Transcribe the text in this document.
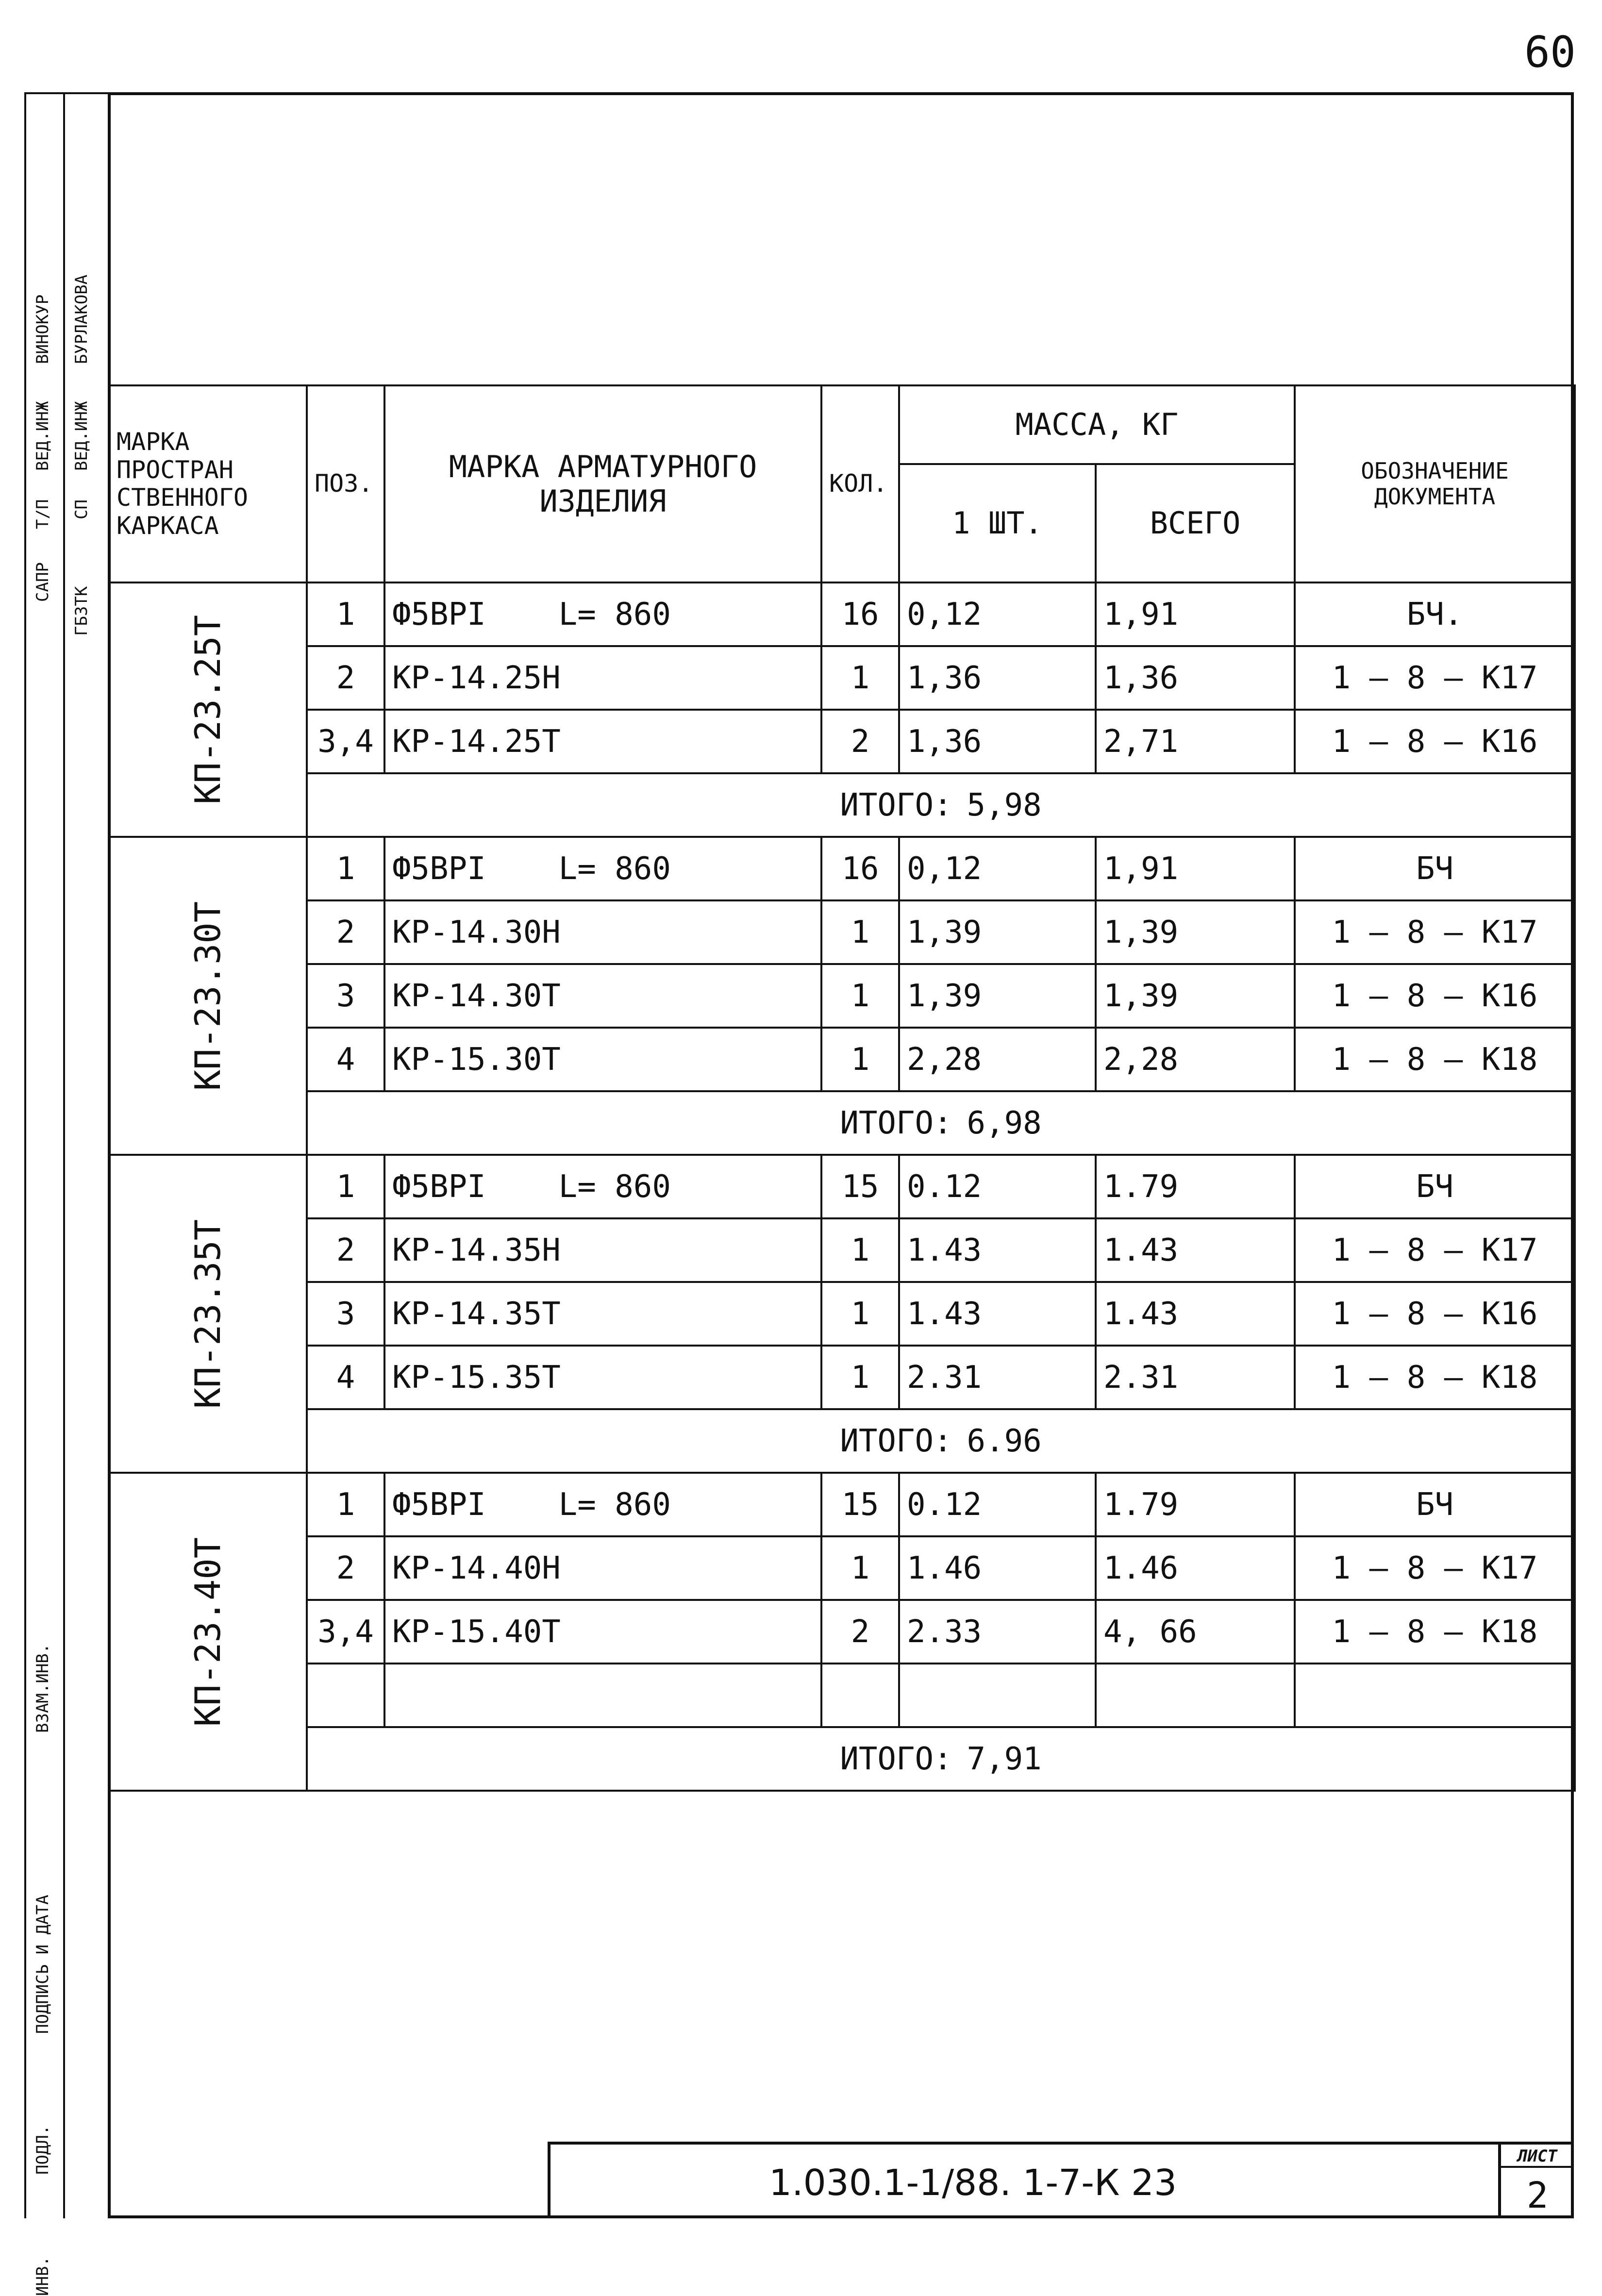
60
САПР
Т/П
ВЕД.ИНЖ
ВИНОКУР
ГБЗТК
СП
ВЕД.ИНЖ
БУРЛАКОВА
ВЗАМ.ИНВ.
ПОДПИСЬ И ДАТА
ПОДЛ.
ИНВ.
МАРКА ПРОСТРАН СТВЕННОГО КАРКАСА	ПОЗ.	МАРКА АРМАТУРНОГО ИЗДЕЛИЯ	КОЛ.	МАССА, КГ		ОБОЗНАЧЕНИЕ ДОКУМЕНТА
				1 ШТ.	ВСЕГО	
КП-23.25Т	1	Ф5ВРI L= 860	16	0,12	1,91	БЧ.
	2	КР-14.25Н	1	1,36	1,36	1 – 8 — К17
	3,4	КР-14.25Т	2	1,36	2,71	1 – 8 — К16
	ИТОГО: 5,98					
КП-23.30Т	1	Ф5ВРI L= 860	16	0,12	1,91	БЧ
	2	КР-14.30Н	1	1,39	1,39	1 – 8 — К17
	3	КР-14.30Т	1	1,39	1,39	1 – 8 — К16
	4	КР-15.30Т	1	2,28	2,28	1 – 8 — К18
	ИТОГО: 6,98					
КП-23.35Т	1	Ф5ВРI L= 860	15	0.12	1.79	БЧ
	2	КР-14.35Н	1	1.43	1.43	1 – 8 — К17
	3	КР-14.35Т	1	1.43	1.43	1 – 8 — К16
	4	КР-15.35Т	1	2.31	2.31	1 – 8 — К18
	ИТОГО: 6.96					
КП-23.40Т	1	Ф5ВРI L= 860	15	0.12	1.79	БЧ
	2	КР-14.40Н	1	1.46	1.46	1 – 8 — К17
	3,4	КР-15.40Т	2	2.33	4, 66	1 – 8 — К18

	ИТОГО: 7,91					
1.030.1-1/88. 1-7-К 23
ЛИСТ
2
